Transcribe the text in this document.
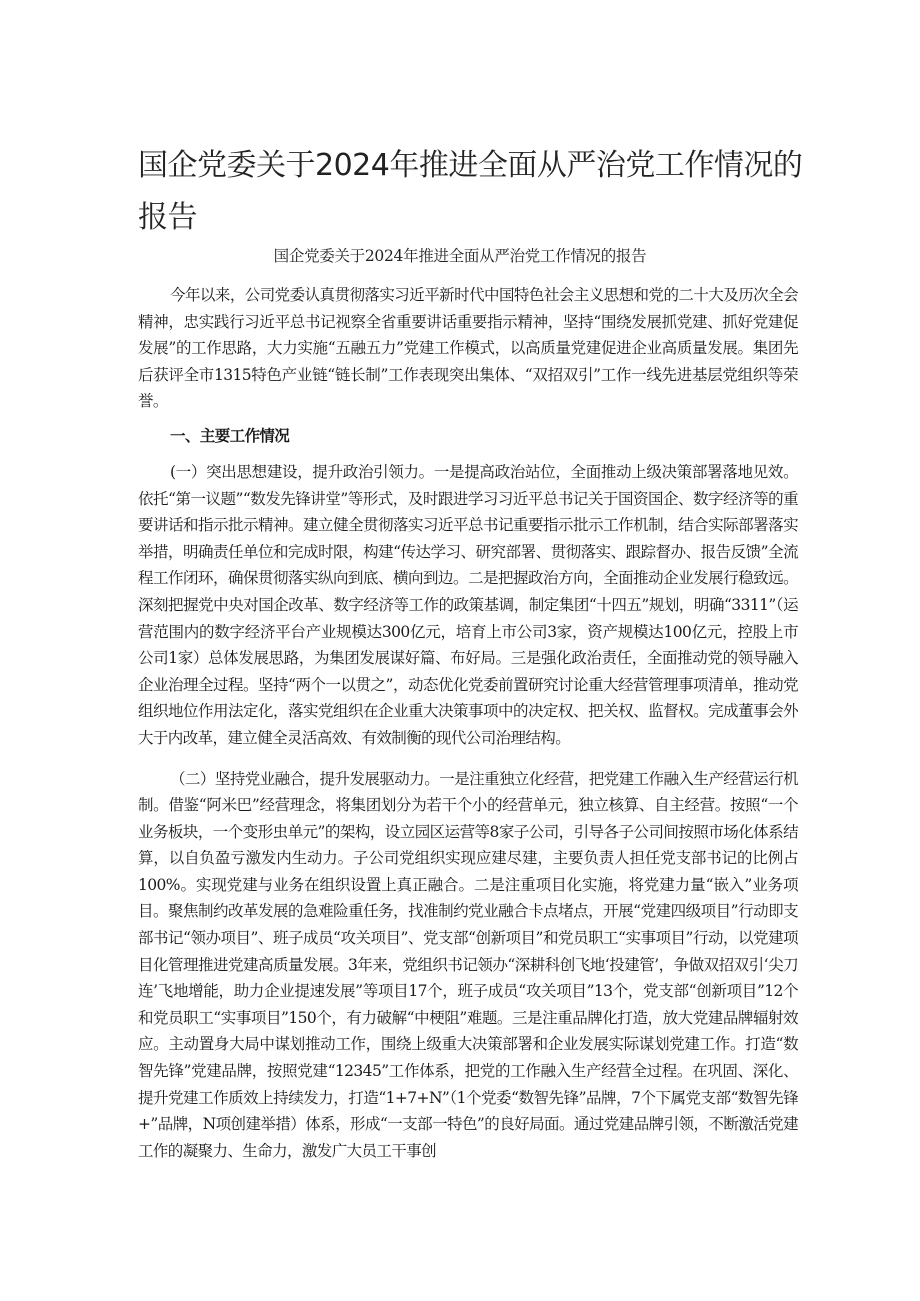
国企党委关于2024年推进全面从严治党工作情况的
报告
国企党委关于2024年推进全面从严治党工作情况的报告

今年以来，公司党委认真贯彻落实习近平新时代中国特色社会主义思想和党的二十大及历次全会精神，忠实践行习近平总书记视察全省重要讲话重要指示精神，坚持“围绕发展抓党建、抓好党建促发展”的工作思路，大力实施“五融五力”党建工作模式，以高质量党建促进企业高质量发展。集团先后获评全市1315特色产业链“链长制”工作表现突出集体、“双招双引”工作一线先进基层党组织等荣誉。

一、主要工作情况

(一）突出思想建设，提升政治引领力。一是提高政治站位，全面推动上级决策部署落地见效。依托“第一议题”“数发先锋讲堂”等形式，及时跟进学习习近平总书记关于国资国企、数字经济等的重要讲话和指示批示精神。建立健全贯彻落实习近平总书记重要指示批示工作机制，结合实际部署落实举措，明确责任单位和完成时限，构建“传达学习、研究部署、贯彻落实、跟踪督办、报告反馈”全流程工作闭环，确保贯彻落实纵向到底、横向到边。二是把握政治方向，全面推动企业发展行稳致远。深刻把握党中央对国企改革、数字经济等工作的政策基调，制定集团“十四五”规划，明确“3311”（运营范围内的数字经济平台产业规模达300亿元，培育上市公司3家，资产规模达100亿元，控股上市公司1家）总体发展思路，为集团发展谋好篇、布好局。三是强化政治责任，全面推动党的领导融入企业治理全过程。坚持“两个一以贯之”，动态优化党委前置研究讨论重大经营管理事项清单，推动党组织地位作用法定化，落实党组织在企业重大决策事项中的决定权、把关权、监督权。完成董事会外大于内改革，建立健全灵活高效、有效制衡的现代公司治理结构。

（二）坚持党业融合，提升发展驱动力。一是注重独立化经营，把党建工作融入生产经营运行机制。借鉴“阿米巴”经营理念，将集团划分为若干个小的经营单元，独立核算、自主经营。按照“一个业务板块，一个变形虫单元”的架构，设立园区运营等8家子公司，引导各子公司间按照市场化体系结算，以自负盈亏激发内生动力。子公司党组织实现应建尽建，主要负责人担任党支部书记的比例占100%。实现党建与业务在组织设置上真正融合。二是注重项目化实施，将党建力量“嵌入”业务项目。聚焦制约改革发展的急难险重任务，找准制约党业融合卡点堵点，开展“党建四级项目”行动即支部书记“领办项目”、班子成员“攻关项目”、党支部“创新项目”和党员职工“实事项目”行动，以党建项目化管理推进党建高质量发展。3年来，党组织书记领办“深耕科创飞地‘投建管’，争做双招双引‘尖刀连’飞地增能，助力企业提速发展”等项目17个，班子成员“攻关项目”13个，党支部“创新项目”12个和党员职工“实事项目”150个，有力破解“中梗阻”难题。三是注重品牌化打造，放大党建品牌辐射效应。主动置身大局中谋划推动工作，围绕上级重大决策部署和企业发展实际谋划党建工作。打造“数智先锋”党建品牌，按照党建“12345”工作体系，把党的工作融入生产经营全过程。在巩固、深化、提升党建工作质效上持续发力，打造“1+7+N”（1个党委“数智先锋”品牌，7个下属党支部“数智先锋+”品牌，N项创建举措）体系，形成“一支部一特色”的良好局面。通过党建品牌引领，不断激活党建工作的凝聚力、生命力，激发广大员工干事创
